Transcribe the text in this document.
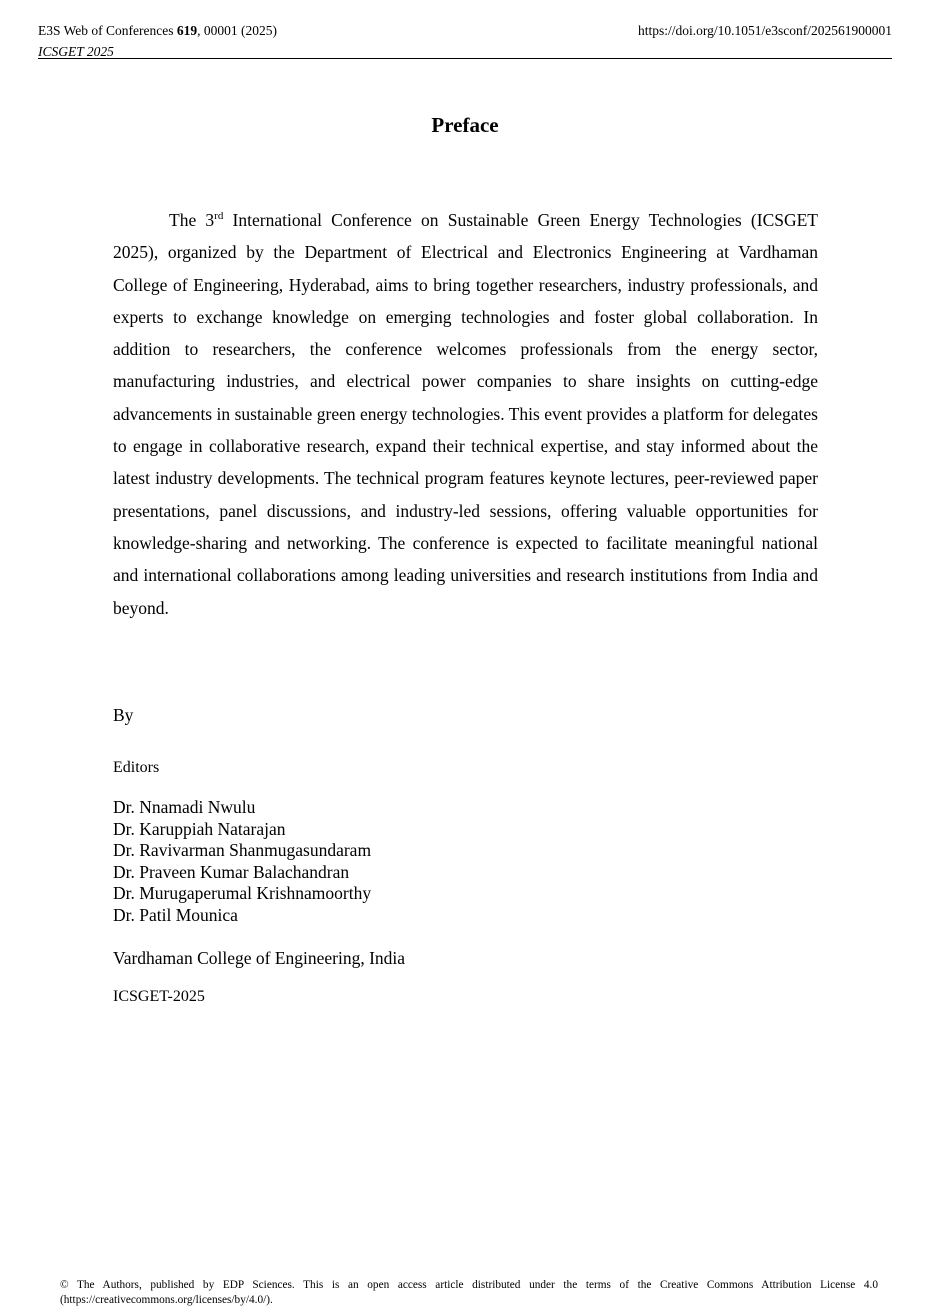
E3S Web of Conferences 619, 00001 (2025)	https://doi.org/10.1051/e3sconf/202561900001
ICSGET 2025
Preface

The 3rd International Conference on Sustainable Green Energy Technologies (ICSGET 2025), organized by the Department of Electrical and Electronics Engineering at Vardhaman College of Engineering, Hyderabad, aims to bring together researchers, industry professionals, and experts to exchange knowledge on emerging technologies and foster global collaboration. In addition to researchers, the conference welcomes professionals from the energy sector, manufacturing industries, and electrical power companies to share insights on cutting-edge advancements in sustainable green energy technologies. This event provides a platform for delegates to engage in collaborative research, expand their technical expertise, and stay informed about the latest industry developments. The technical program features keynote lectures, peer-reviewed paper presentations, panel discussions, and industry-led sessions, offering valuable opportunities for knowledge-sharing and networking. The conference is expected to facilitate meaningful national and international collaborations among leading universities and research institutions from India and beyond.

By
Editors
Dr. Nnamadi Nwulu
Dr. Karuppiah Natarajan
Dr. Ravivarman Shanmugasundaram
Dr. Praveen Kumar Balachandran
Dr. Murugaperumal Krishnamoorthy
Dr. Patil Mounica
Vardhaman College of Engineering, India
ICSGET-2025
© The Authors, published by EDP Sciences. This is an open access article distributed under the terms of the Creative Commons Attribution License 4.0
(https://creativecommons.org/licenses/by/4.0/).
